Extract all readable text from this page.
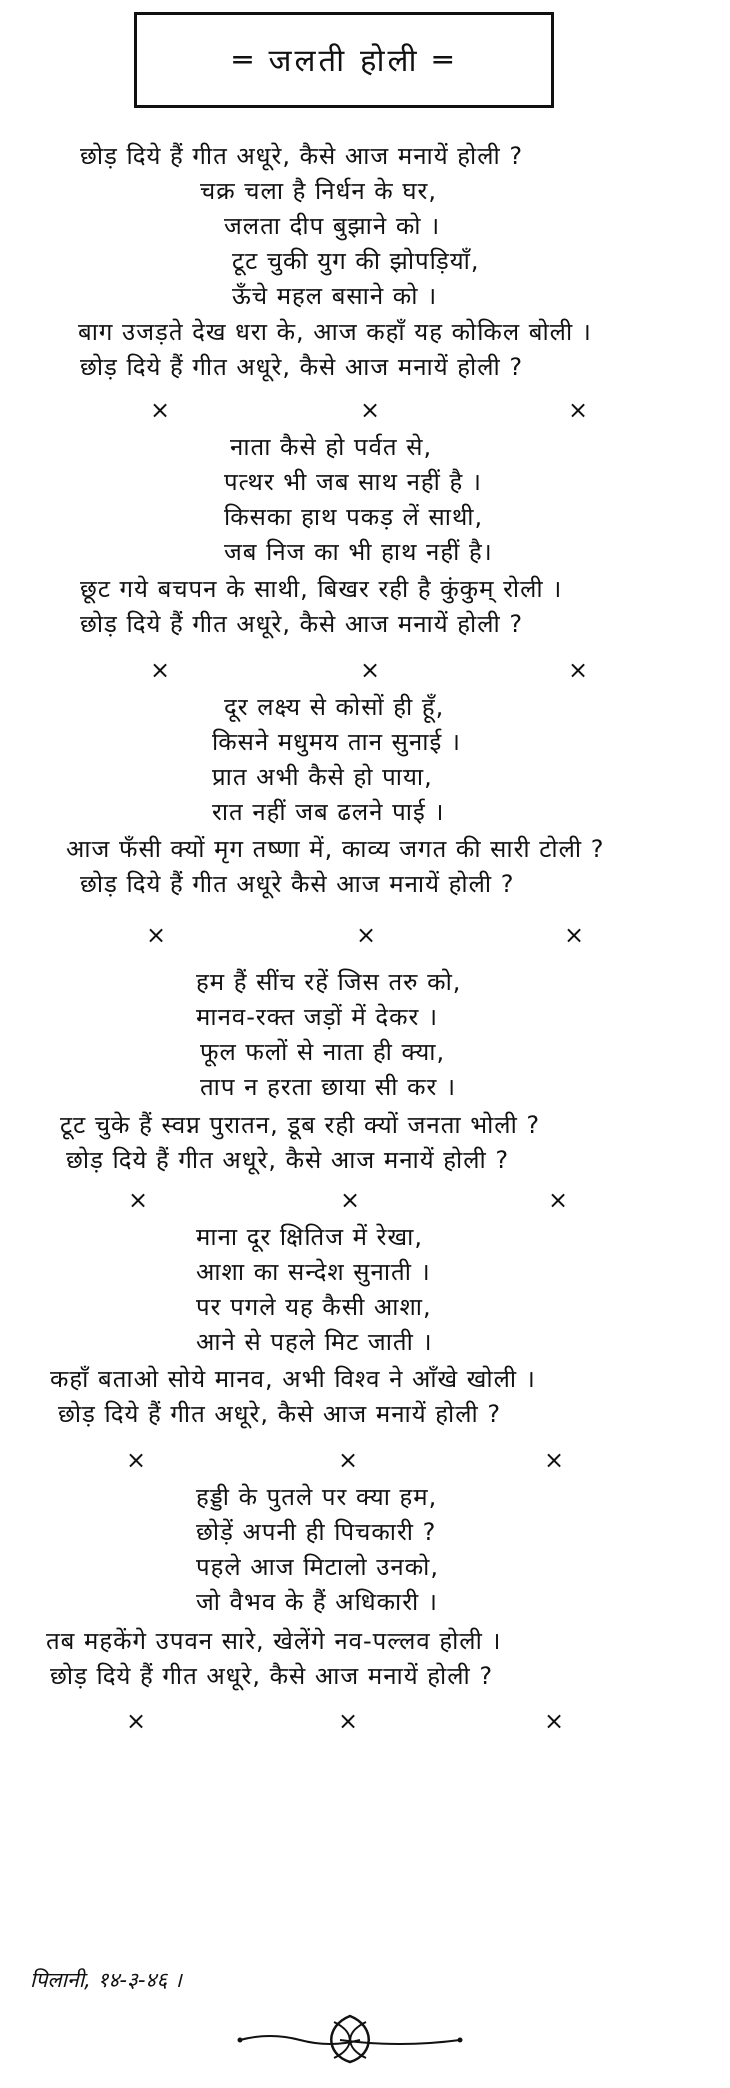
═ जलती होली ═
छोड़ दिये हैं गीत अधूरे, कैसे आज मनायें होली ?
चक्र चला है निर्धन के घर,
जलता दीप बुझाने को ।
टूट चुकी युग की झोपड़ियाँ,
ऊँचे महल बसाने को ।
बाग उजड़ते देख धरा के, आज कहाँ यह कोकिल बोली ।
छोड़ दिये हैं गीत अधूरे, कैसे आज मनायें होली ?
×	×	×
नाता कैसे हो पर्वत से,
पत्थर भी जब साथ नहीं है ।
किसका हाथ पकड़ लें साथी,
जब निज का भी हाथ नहीं है।
छूट गये बचपन के साथी, बिखर रही है कुंकुम् रोली ।
छोड़ दिये हैं गीत अधूरे, कैसे आज मनायें होली ?
×	×	×
दूर लक्ष्य से कोसों ही हूँ,
किसने मधुमय तान सुनाई ।
प्रात अभी कैसे हो पाया,
रात नहीं जब ढलने पाई ।
आज फँसी क्यों मृग तष्णा में, काव्य जगत की सारी टोली ?
छोड़ दिये हैं गीत अधूरे कैसे आज मनायें होली ?
×	×	×
हम हैं सींच रहें जिस तरु को,
मानव-रक्त जड़ों में देकर ।
फूल फलों से नाता ही क्या,
ताप न हरता छाया सी कर ।
टूट चुके हैं स्वप्न पुरातन, डूब रही क्यों जनता भोली ?
छोड़ दिये हैं गीत अधूरे, कैसे आज मनायें होली ?
×	×	×
माना दूर क्षितिज में रेखा,
आशा का सन्देश सुनाती ।
पर पगले यह कैसी आशा,
आने से पहले मिट जाती ।
कहाँ बताओ सोये मानव, अभी विश्व ने आँखे खोली ।
छोड़ दिये हैं गीत अधूरे, कैसे आज मनायें होली ?
×	×	×
हड्डी के पुतले पर क्या हम,
छोड़ें अपनी ही पिचकारी ?
पहले आज मिटालो उनको,
जो वैभव के हैं अधिकारी ।
तब महकेंगे उपवन सारे, खेलेंगे नव-पल्लव होली ।
छोड़ दिये हैं गीत अधूरे, कैसे आज मनायें होली ?
×	×	×
पिलानी, १४-३-४६ ।
